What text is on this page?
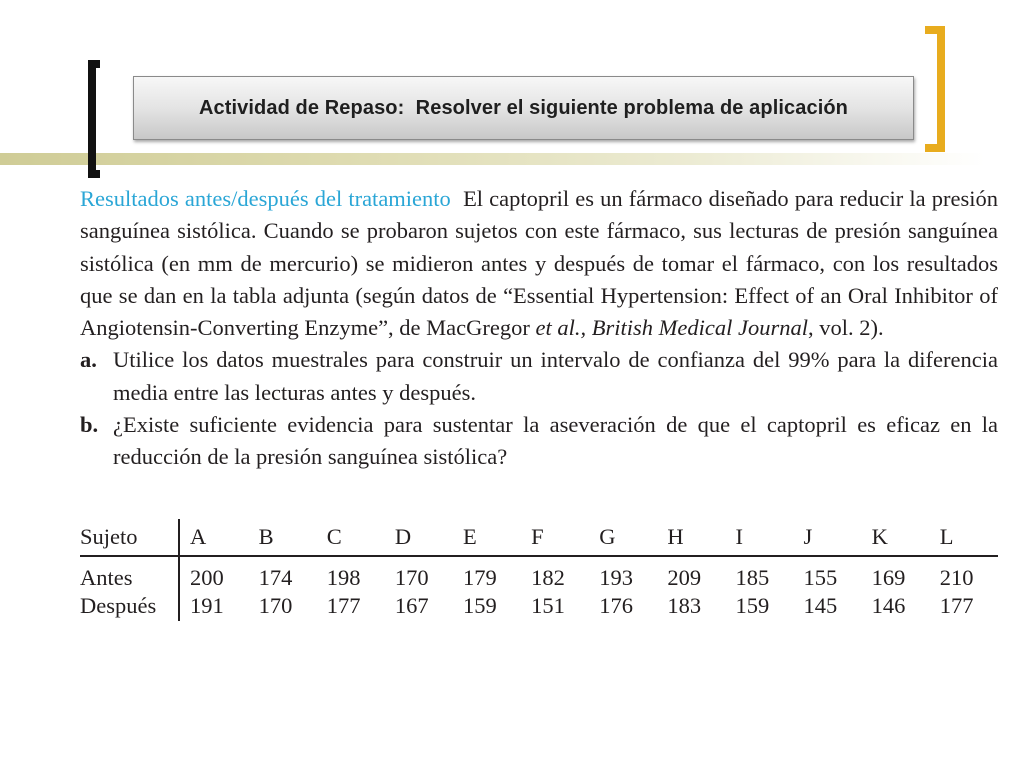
Actividad de Repaso:  Resolver el siguiente problema de aplicación

Resultados antes/después del tratamiento El captopril es un fármaco diseñado para reducir la presión sanguínea sistólica. Cuando se probaron sujetos con este fármaco, sus lecturas de presión sanguínea sistólica (en mm de mercurio) se midieron antes y después de tomar el fármaco, con los resultados que se dan en la tabla adjunta (según datos de “Essential Hypertension: Effect of an Oral Inhibitor of Angiotensin-Converting Enzyme”, de MacGregor et al., British Medical Journal, vol. 2).

a. Utilice los datos muestrales para construir un intervalo de confianza del 99% para la diferencia media entre las lecturas antes y después.
b. ¿Existe suficiente evidencia para sustentar la aseveración de que el captopril es eficaz en la reducción de la presión sanguínea sistólica?
Sujeto	A	B	C	D	E	F	G	H	I	J	K	L
Antes	200	174	198	170	179	182	193	209	185	155	169	210
Después	191	170	177	167	159	151	176	183	159	145	146	177
